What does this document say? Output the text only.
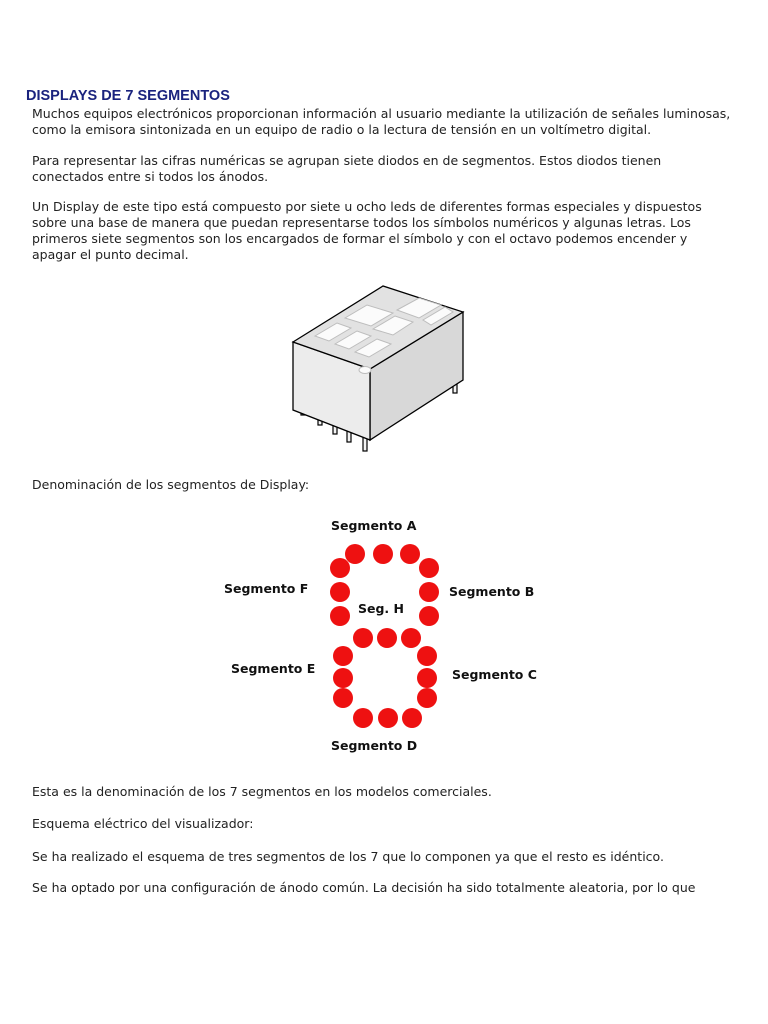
DISPLAYS DE 7 SEGMENTOS

Muchos equipos electrónicos proporcionan información al usuario mediante la utilización de señales luminosas, como la emisora sintonizada en un equipo de radio o la lectura de tensión en un voltímetro digital.

Para representar las cifras numéricas se agrupan siete diodos en de segmentos. Estos diodos tienen conectados entre si todos los ánodos.

Un Display de este tipo está compuesto por siete u ocho leds de diferentes formas especiales y dispuestos sobre una base de manera que puedan representarse todos los símbolos numéricos y algunas letras. Los primeros siete segmentos son los encargados de formar el símbolo y con el octavo podemos encender y apagar el punto decimal.

Denominación de los segmentos de Display:

Segmento A
Segmento B
Segmento C
Segmento D
Segmento E
Segmento F
Seg. H

Esta es la denominación de los 7 segmentos en los modelos comerciales.

Esquema eléctrico del visualizador:

Se ha realizado el esquema de tres segmentos de los 7 que lo componen ya que el resto es idéntico.

Se ha optado por una configuración de ánodo común. La decisión ha sido totalmente aleatoria, por lo que
